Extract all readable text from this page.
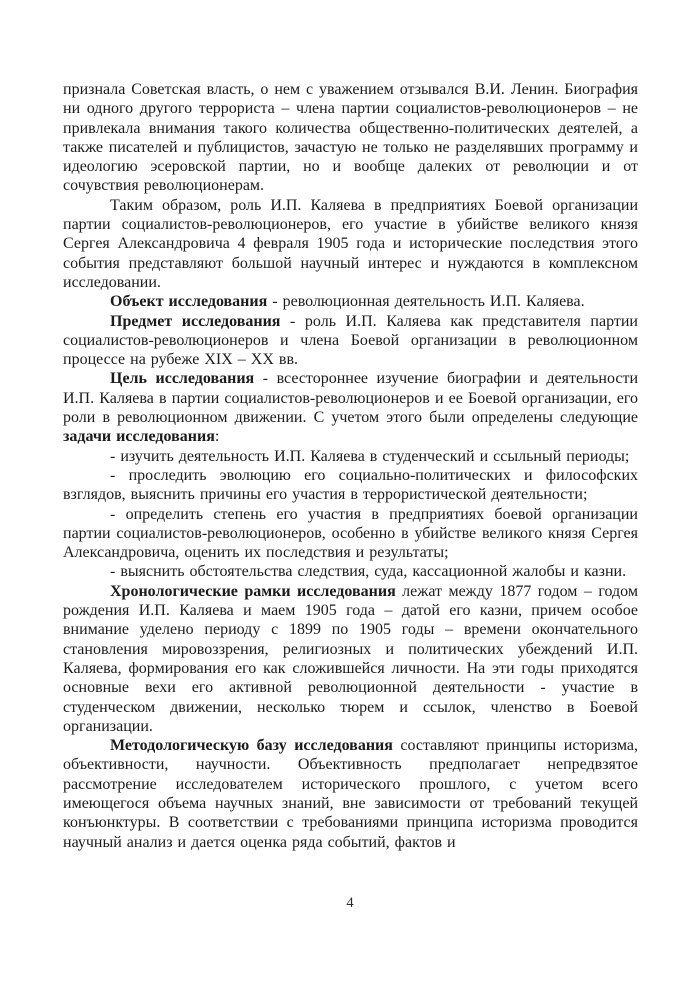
признала Советская власть, о нем с уважением отзывался В.И. Ленин. Биография ни одного другого террориста – члена партии социалистов-революционеров – не привлекала внимания такого количества общественно-политических деятелей, а также писателей и публицистов, зачастую не только не разделявших программу и идеологию эсеровской партии, но и вообще далеких от революции и от сочувствия революционерам.

Таким образом, роль И.П. Каляева в предприятиях Боевой организации партии социалистов-революционеров, его участие в убийстве великого князя Сергея Александровича 4 февраля 1905 года и исторические последствия этого события представляют большой научный интерес и нуждаются в комплексном исследовании.

Объект исследования - революционная деятельность И.П. Каляева.

Предмет исследования - роль И.П. Каляева как представителя партии социалистов-революционеров и члена Боевой организации в революционном процессе на рубеже XIX – XX вв.

Цель исследования - всестороннее изучение биографии и деятельности И.П. Каляева в партии социалистов-революционеров и ее Боевой организации, его роли в революционном движении. С учетом этого были определены следующие задачи исследования:

- изучить деятельность И.П. Каляева в студенческий и ссыльный периоды;

- проследить эволюцию его социально-политических и философских взглядов, выяснить причины его участия в террористической деятельности;

- определить степень его участия в предприятиях боевой организации партии социалистов-революционеров, особенно в убийстве великого князя Сергея Александровича, оценить их последствия и результаты;

- выяснить обстоятельства следствия, суда, кассационной жалобы и казни.

Хронологические рамки исследования лежат между 1877 годом – годом рождения И.П. Каляева и маем 1905 года – датой его казни, причем особое внимание уделено периоду с 1899 по 1905 годы – времени окончательного становления мировоззрения, религиозных и политических убеждений И.П. Каляева, формирования его как сложившейся личности. На эти годы приходятся основные вехи его активной революционной деятельности - участие в студенческом движении, несколько тюрем и ссылок, членство в Боевой организации.

Методологическую базу исследования составляют принципы историзма, объективности, научности. Объективность предполагает непредвзятое рассмотрение исследователем исторического прошлого, с учетом всего имеющегося объема научных знаний, вне зависимости от требований текущей конъюнктуры. В соответствии с требованиями принципа историзма проводится научный анализ и дается оценка ряда событий, фактов и

4
